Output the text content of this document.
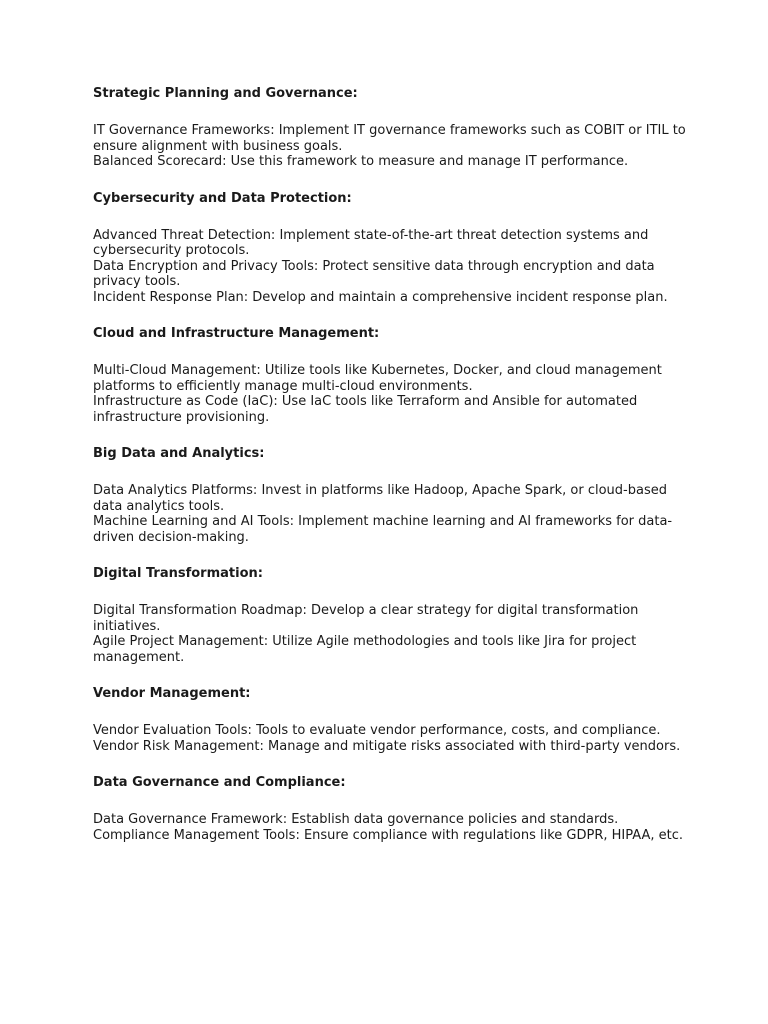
Strategic Planning and Governance:
IT Governance Frameworks: Implement IT governance frameworks such as COBIT or ITIL to ensure alignment with business goals.
Balanced Scorecard: Use this framework to measure and manage IT performance.
Cybersecurity and Data Protection:
Advanced Threat Detection: Implement state-of-the-art threat detection systems and cybersecurity protocols.
Data Encryption and Privacy Tools: Protect sensitive data through encryption and data privacy tools.
Incident Response Plan: Develop and maintain a comprehensive incident response plan.
Cloud and Infrastructure Management:
Multi-Cloud Management: Utilize tools like Kubernetes, Docker, and cloud management platforms to efficiently manage multi-cloud environments.
Infrastructure as Code (IaC): Use IaC tools like Terraform and Ansible for automated infrastructure provisioning.
Big Data and Analytics:
Data Analytics Platforms: Invest in platforms like Hadoop, Apache Spark, or cloud-based data analytics tools.
Machine Learning and AI Tools: Implement machine learning and AI frameworks for data-driven decision-making.
Digital Transformation:
Digital Transformation Roadmap: Develop a clear strategy for digital transformation initiatives.
Agile Project Management: Utilize Agile methodologies and tools like Jira for project management.
Vendor Management:
Vendor Evaluation Tools: Tools to evaluate vendor performance, costs, and compliance.
Vendor Risk Management: Manage and mitigate risks associated with third-party vendors.
Data Governance and Compliance:
Data Governance Framework: Establish data governance policies and standards.
Compliance Management Tools: Ensure compliance with regulations like GDPR, HIPAA, etc.
